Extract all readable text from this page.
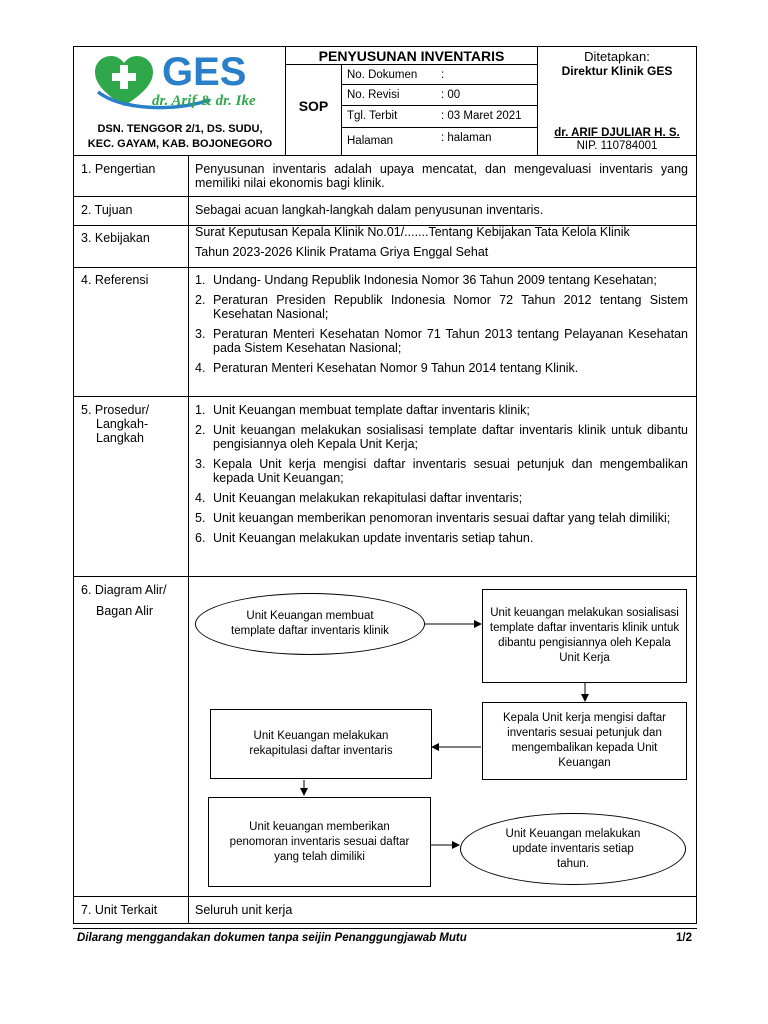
GES
dr. Arif & dr. Ike
DSN. TENGGOR 2/1, DS. SUDU,
KEC. GAYAM, KAB. BOJONEGORO
PENYUSUNAN INVENTARIS
SOP
No. Dokumen :
No. Revisi	: 00
Tgl. Terbit	: 03 Maret 2021
Halaman	: halaman
Ditetapkan:
Direktur Klinik GES
dr. ARIF DJULIAR H. S.
NIP. 110784001
1. Pengertian	Penyusunan inventaris adalah upaya mencatat, dan mengevaluasi inventaris yang memiliki nilai ekonomis bagi klinik.
2. Tujuan	Sebagai acuan langkah-langkah dalam penyusunan inventaris.
3. Kebijakan	Surat Keputusan Kepala Klinik No.01/.......Tentang Kebijakan Tata Kelola Klinik
Tahun 2023-2026 Klinik Pratama Griya Enggal Sehat
4. Referensi	1. Undang- Undang Republik Indonesia Nomor 36 Tahun 2009 tentang Kesehatan;
2. Peraturan Presiden Republik Indonesia Nomor 72 Tahun 2012 tentang Sistem Kesehatan Nasional;
3. Peraturan Menteri Kesehatan Nomor 71 Tahun 2013 tentang Pelayanan Kesehatan pada Sistem Kesehatan Nasional;
4. Peraturan Menteri Kesehatan Nomor 9 Tahun 2014 tentang Klinik.
5. Prosedur/
Langkah-
Langkah
1. Unit Keuangan membuat template daftar inventaris klinik;
2. Unit keuangan melakukan sosialisasi template daftar inventaris klinik untuk dibantu pengisiannya oleh Kepala Unit Kerja;
3. Kepala Unit kerja mengisi daftar inventaris sesuai petunjuk dan mengembalikan kepada Unit Keuangan;
4. Unit Keuangan melakukan rekapitulasi daftar inventaris;
5. Unit keuangan memberikan penomoran inventaris sesuai daftar yang telah dimiliki;
6. Unit Keuangan melakukan update inventaris setiap tahun.
6. Diagram Alir/
Bagan Alir	Unit Keuangan membuat template daftar inventaris klinik
Unit keuangan melakukan sosialisasi template daftar inventaris klinik untuk dibantu pengisiannya oleh Kepala Unit Kerja
Kepala Unit kerja mengisi daftar inventaris sesuai petunjuk dan mengembalikan kepada Unit Keuangan
Unit Keuangan melakukan rekapitulasi daftar inventaris
Unit keuangan memberikan penomoran inventaris sesuai daftar yang telah dimiliki
Unit Keuangan melakukan update inventaris setiap tahun.
7. Unit Terkait	Seluruh unit kerja
Dilarang menggandakan dokumen tanpa seijin Penanggungjawab Mutu	1/2
